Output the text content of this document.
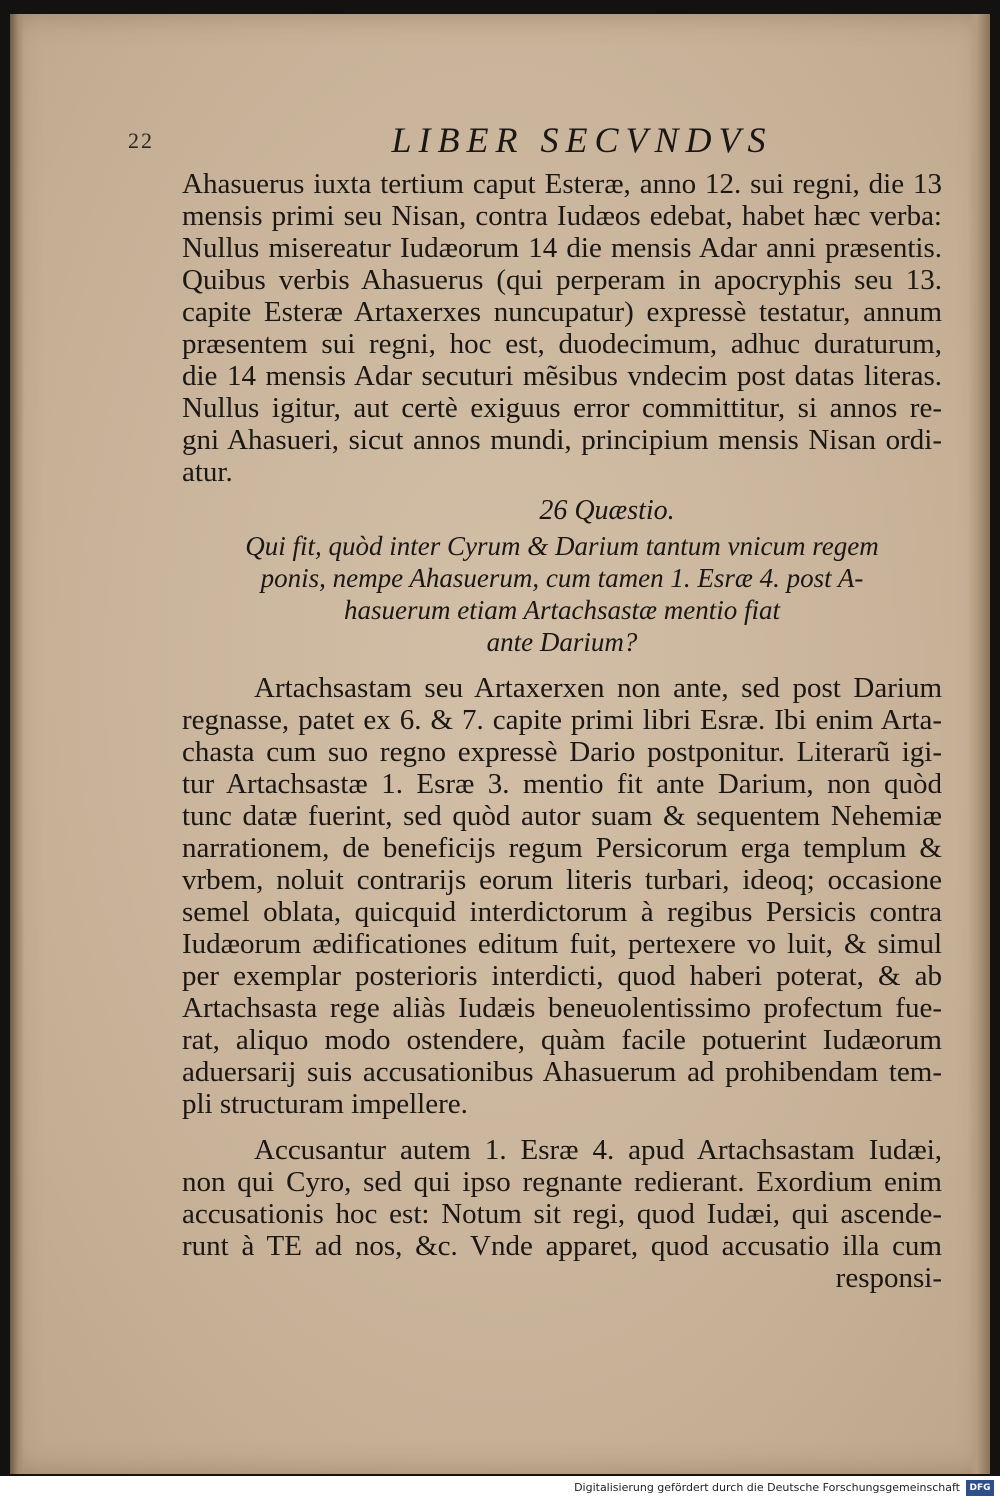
22	LIBER SECVNDVS
Ahasuerus iuxta tertium caput Esteræ, anno 12. sui regni, die 13
mensis primi seu Nisan, contra Iudæos edebat, habet hæc verba:
Nullus misereatur Iudæorum 14 die mensis Adar anni præsentis.
Quibus verbis Ahasuerus (qui perperam in apocryphis seu 13.
capite Esteræ Artaxerxes nuncupatur) expressè testatur, annum
præsentem sui regni, hoc est, duodecimum, adhuc duraturum,
die 14 mensis Adar secuturi mẽsibus vndecim post datas literas.
Nullus igitur, aut certè exiguus error committitur, si annos re-
gni Ahasueri, sicut annos mundi, principium mensis Nisan ordi-
atur.
26 Quæstio.
Qui fit, quòd inter Cyrum & Darium tantum vnicum regem
ponis, nempe Ahasuerum, cum tamen 1. Esræ 4. post A-
hasuerum etiam Artachsastæ mentio fiat
ante Darium?
Artachsastam seu Artaxerxen non ante, sed post Darium
regnasse, patet ex 6. & 7. capite primi libri Esræ. Ibi enim Arta-
chasta cum suo regno expressè Dario postponitur. Literarũ igi-
tur Artachsastæ 1. Esræ 3. mentio fit ante Darium, non quòd
tunc datæ fuerint, sed quòd autor suam & sequentem Nehemiæ
narrationem, de beneficijs regum Persicorum erga templum &
vrbem, noluit contrarijs eorum literis turbari, ideoq; occasione
semel oblata, quicquid interdictorum à regibus Persicis contra
Iudæorum ædificationes editum fuit, pertexere vo luit, & simul
per exemplar posterioris interdicti, quod haberi poterat, & ab
Artachsasta rege aliàs Iudæis beneuolentissimo profectum fue-
rat, aliquo modo ostendere, quàm facile potuerint Iudæorum
aduersarij suis accusationibus Ahasuerum ad prohibendam tem-
pli structuram impellere.
Accusantur autem 1. Esræ 4. apud Artachsastam Iudæi,
non qui Cyro, sed qui ipso regnante redierant. Exordium enim
accusationis hoc est: Notum sit regi, quod Iudæi, qui ascende-
runt à TE ad nos, &c. Vnde apparet, quod accusatio illa cum
responsi-
Digitalisierung gefördert durch die Deutsche Forschungsgemeinschaft	DFG
